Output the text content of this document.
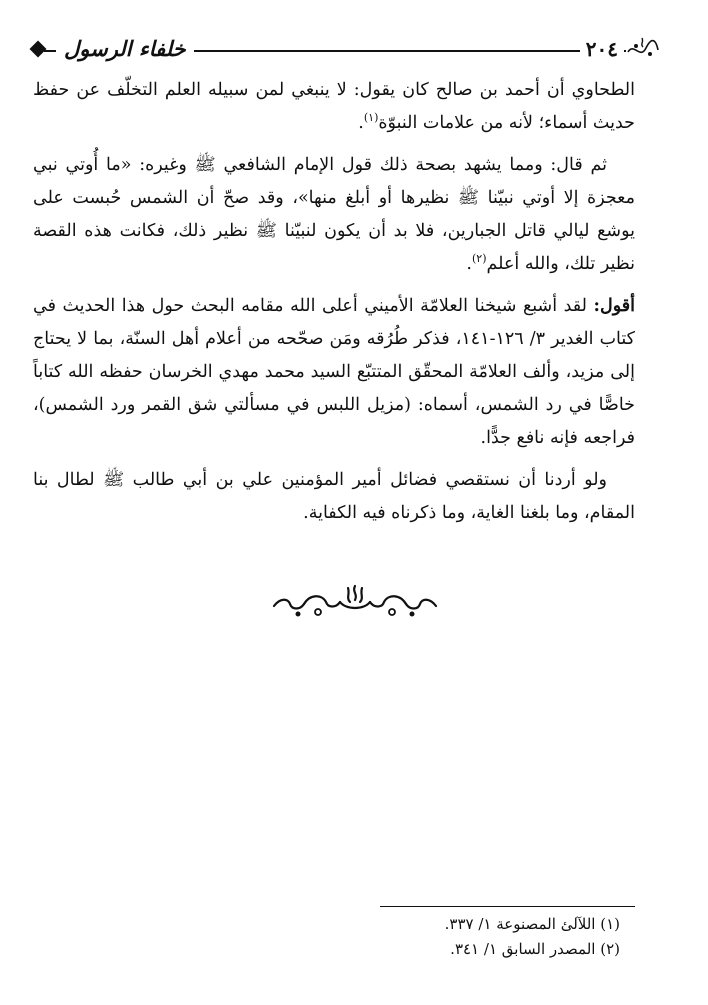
خلفاء الرسول	٢٠٤

الطحاوي أن أحمد بن صالح كان يقول: لا ينبغي لمن سبيله العلم التخلّف عن حفظ حديث أسماء؛ لأنه من علامات النبوّة$^{(١)}$.

ثم قال: ومما يشهد بصحة ذلك قول الإمام الشافعي ﷺ وغيره: «ما أُوتي نبي معجزة إلا أوتي نبيّنا ﷺ نظيرها أو أبلغ منها»، وقد صحّ أن الشمس حُبست على يوشع ليالي قاتل الجبارين، فلا بد أن يكون لنبيّنا ﷺ نظير ذلك، فكانت هذه القصة نظير تلك، والله أعلم$^{(٢)}$.

أقول: لقد أشبع شيخنا العلامّة الأميني أعلى الله مقامه البحث حول هذا الحديث في كتاب الغدير ٣/ ١٢٦-١٤١، فذكر طُرُقه ومَن صحّحه من أعلام أهل السنّة، بما لا يحتاج إلى مزيد، وألف العلامّة المحقّق المتتبّع السيد محمد مهدي الخرسان حفظه الله كتاباً خاصًّا في رد الشمس، أسماه: (مزيل اللبس في مسألتي شق القمر ورد الشمس)، فراجعه فإنه نافع جدًّا.

ولو أردنا أن نستقصي فضائل أمير المؤمنين علي بن أبي طالب ﷺ لطال بنا المقام، وما بلغنا الغاية، وما ذكرناه فيه الكفاية.

(١) اللآلئ المصنوعة ١/ ٣٣٧.

(٢) المصدر السابق ١/ ٣٤١.
